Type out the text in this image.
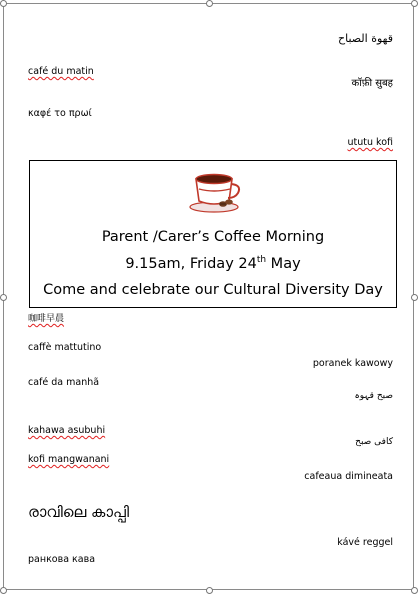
قهوة الصباح
café du matin
कॉफ़ी सुबह
καφέ το πρωί
ututu kofi
Parent /Carer’s Coffee Morning
9.15am, Friday 24th May
Come and celebrate our Cultural Diversity Day
咖啡早晨
caffè mattutino
poranek kawowy
café da manhã
صبح قہوہ
kahawa asubuhi
کافی صبح
kofi mangwanani
cafeaua dimineata
രാവിലെ കാപ്പി
kávé reggel
ранкова кава
